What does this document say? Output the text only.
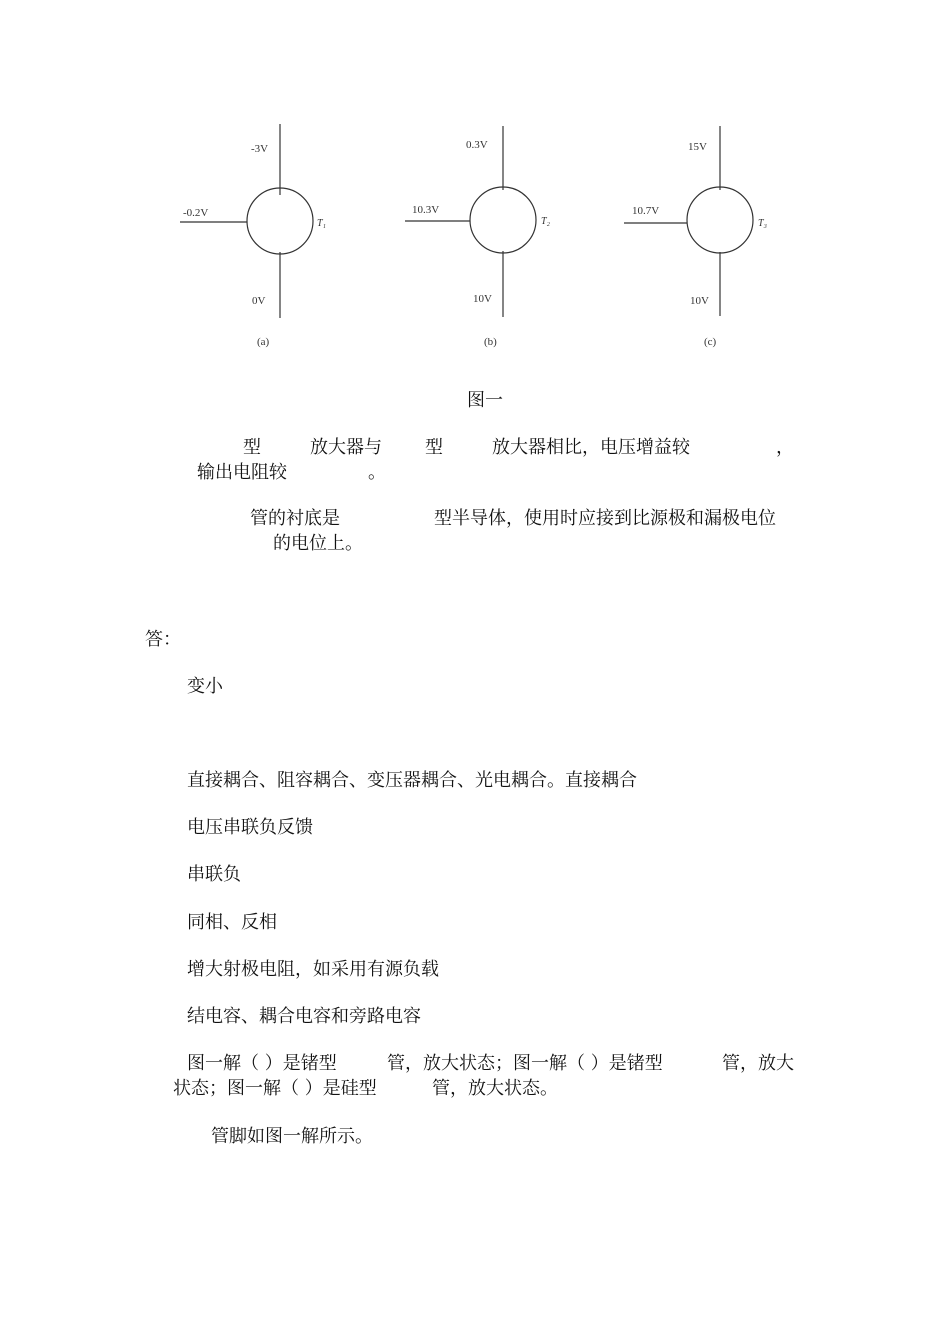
-3V
-0.2V
T₁
0V
(a)
0.3V
10.3V
T₂
10V
(b)
15V
10.7V
T₃
10V
(c)
图一
型	放大器与 型	放大器相比，电压增益较	，
输出电阻较	。
管的衬底是	型半导体，使用时应接到比源极和漏极电位
的电位上。
答：
变小
直接耦合、阻容耦合、变压器耦合、光电耦合。直接耦合
电压串联负反馈
串联负
同相、反相
增大射极电阻，如采用有源负载
结电容、耦合电容和旁路电容
图一解（ ）是锗型	管，放大状态；图一解（ ）是锗型	管，放大
状态；图一解（ ）是硅型	管，放大状态。
管脚如图一解所示。
